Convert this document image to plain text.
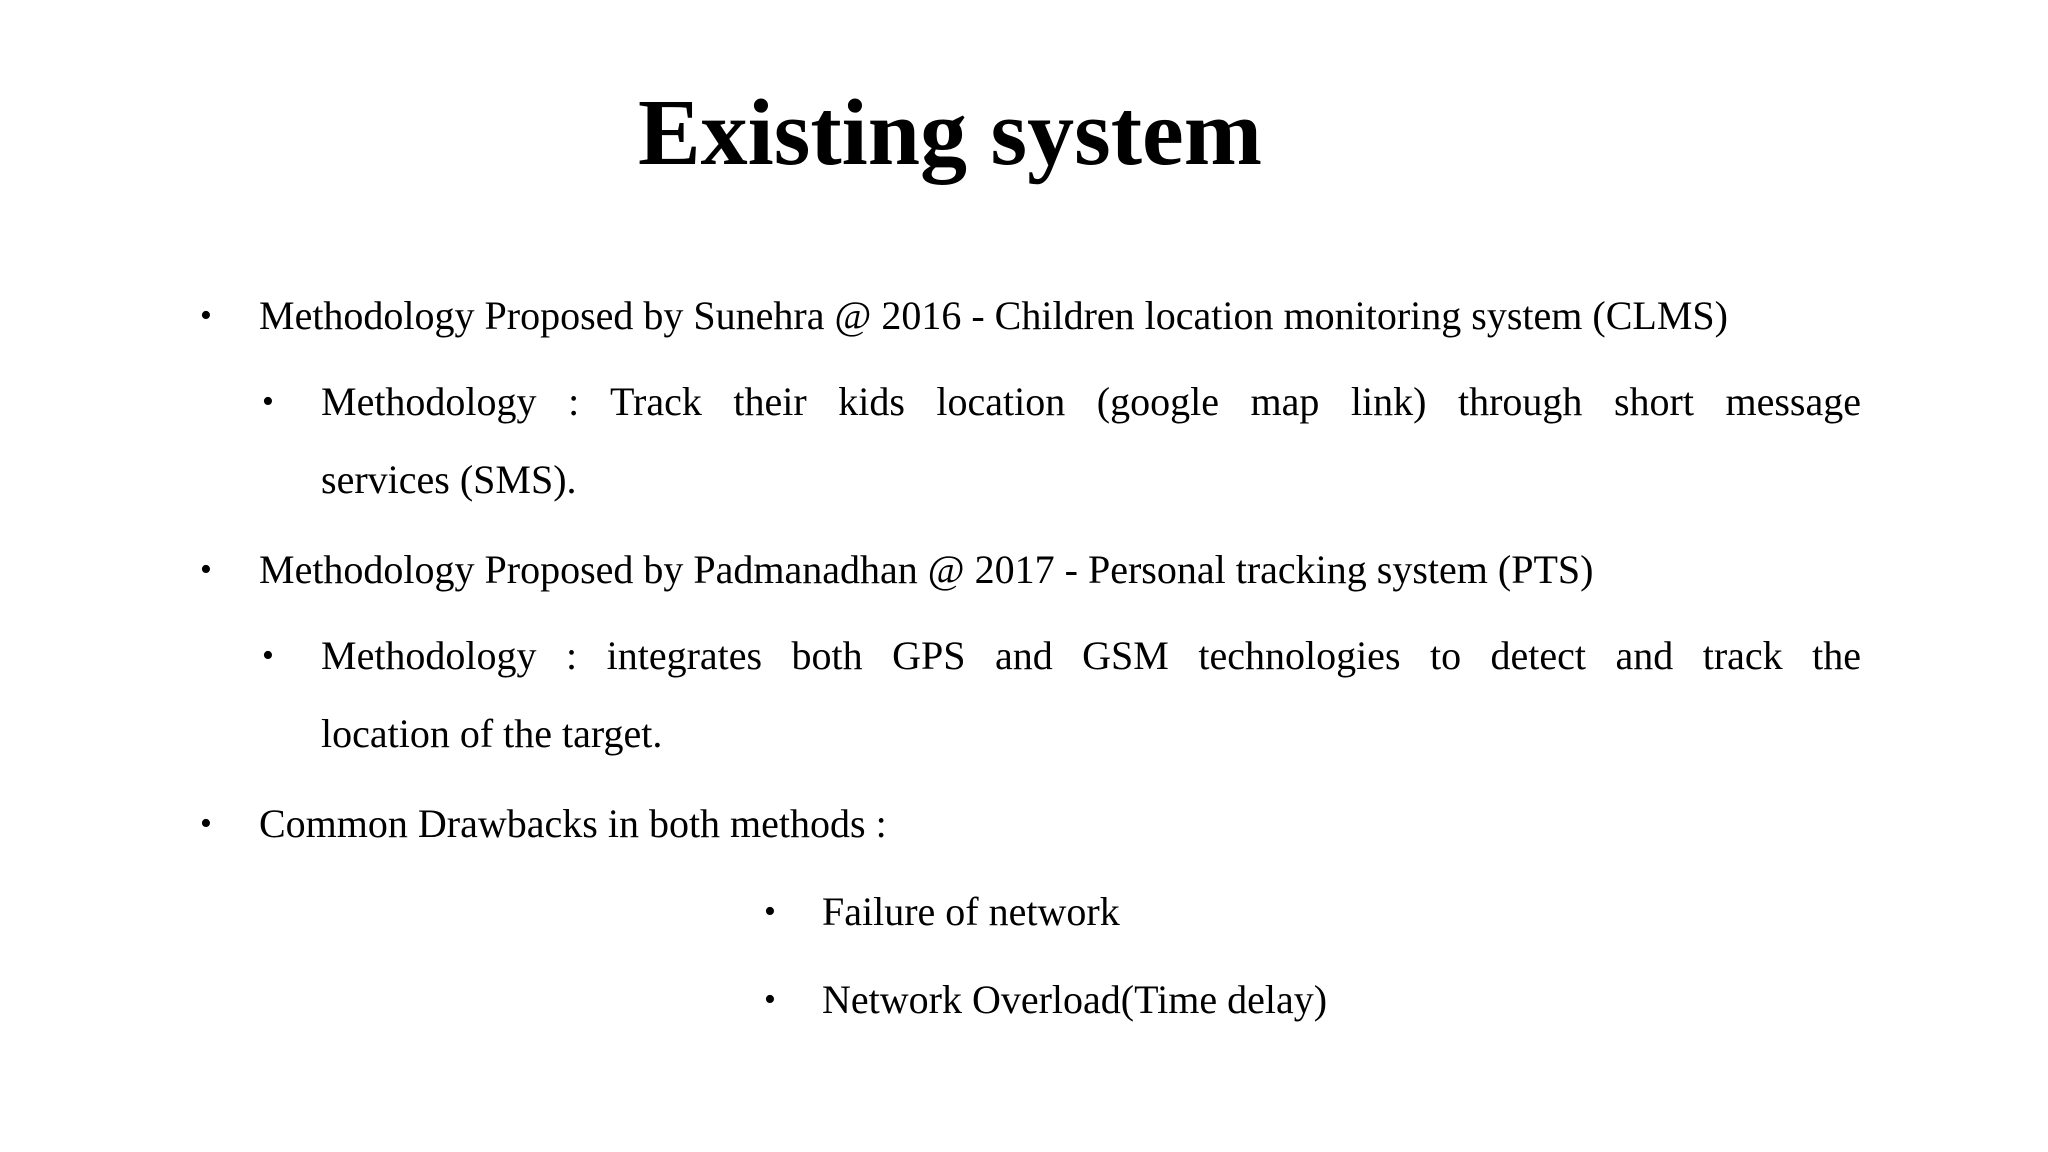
Existing system
• Methodology Proposed by Sunehra @ 2016 - Children location monitoring system (CLMS)
• Methodology : Track their kids location (google map link) through short message
services (SMS).
• Methodology Proposed by Padmanadhan @ 2017 - Personal tracking system (PTS)
• Methodology : integrates both GPS and GSM technologies to detect and track the
location of the target.
• Common Drawbacks in both methods :
• Failure of network
• Network Overload(Time delay)
